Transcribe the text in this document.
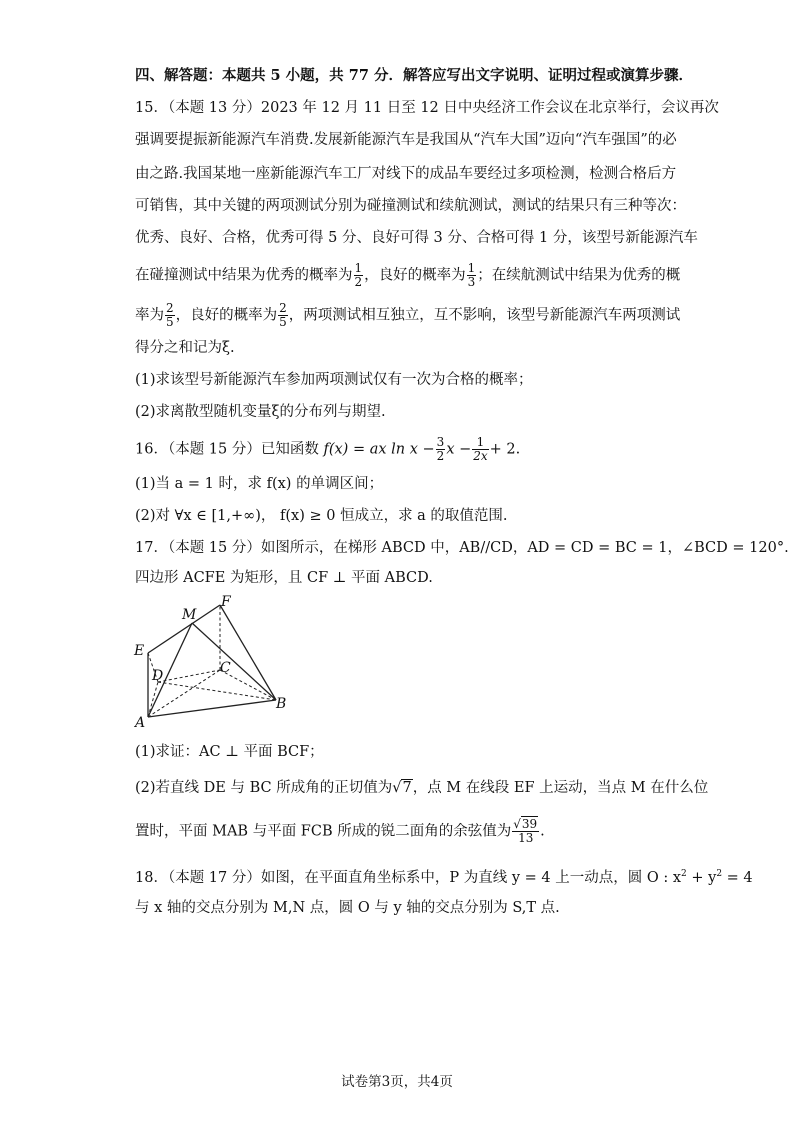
四、解答题：本题共 5 小题，共 77 分．解答应写出文字说明、证明过程或演算步骤．
15．（本题 13 分）2023 年 12 月 11 日至 12 日中央经济工作会议在北京举行，会议再次
强调要提振新能源汽车消费.发展新能源汽车是我国从“汽车大国”迈向“汽车强国”的必
由之路.我国某地一座新能源汽车工厂对线下的成品车要经过多项检测，检测合格后方
可销售，其中关键的两项测试分别为碰撞测试和续航测试，测试的结果只有三种等次：
优秀、良好、合格，优秀可得 5 分、良好可得 3 分、合格可得 1 分，该型号新能源汽车
在碰撞测试中结果为优秀的概率为 $\frac{1}{2}$ ，良好的概率为 $\frac{1}{3}$ ；在续航测试中结果为优秀的概
率为 $\frac{2}{5}$ ，良好的概率为 $\frac{2}{5}$ ，两项测试相互独立，互不影响，该型号新能源汽车两项测试
得分之和记为ξ.
(1)求该型号新能源汽车参加两项测试仅有一次为合格的概率；
(2)求离散型随机变量ξ的分布列与期望.
16．（本题 15 分）已知函数 f(x) = ax $\ln x - \frac{3}{2}$ $x - \frac{1}{2x} + 2$.
(1)当 a = 1 时，求 f(x) 的单调区间；
(2)对 ∀x ∈ [1,+∞)， f(x) ≥ 0 恒成立，求 a 的取值范围.
17．（本题 15 分）如图所示，在梯形 ABCD 中，AB//CD，AD = CD = BC = 1，∠BCD = 120°.
四边形 ACFE 为矩形，且 CF ⊥ 平面 ABCD.
M
F
E
D	C
A
B
(1)求证：AC ⊥ 平面 BCF；
(2)若直线 DE 与 BC 所成角的正切值为√7，点 M 在线段 EF 上运动，当点 M 在什么位
置时，平面 MAB 与平面 FCB 所成的锐二面角的余弦值为 $\frac{√39}{13}$ .
18．（本题 17 分）如图，在平面直角坐标系中，P 为直线 y = 4 上一动点，圆 O : $x^2 + y^2 = 4$
与 x 轴的交点分别为 M,N 点，圆 O 与 y 轴的交点分别为 S,T 点.
试卷第3页，共4页
